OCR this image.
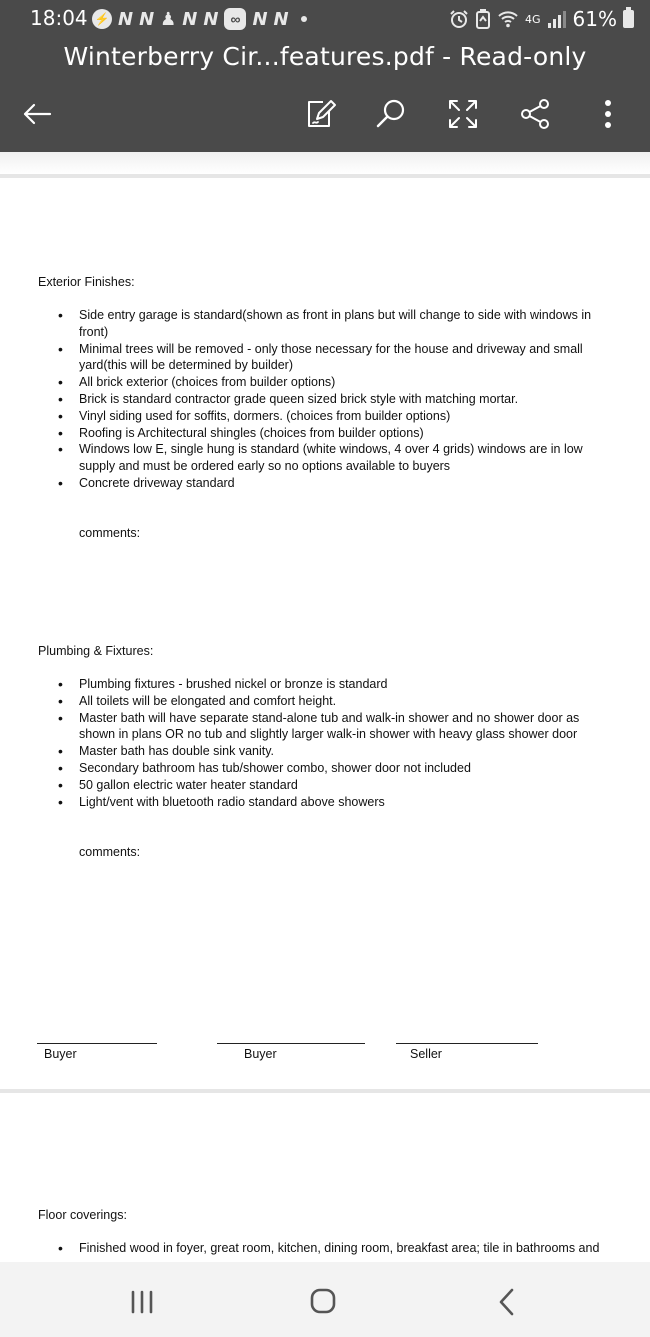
18:04 ⚡ N N ♟ N N ∞ N N	4G 61%
Winterberry Cir...features.pdf - Read-only
Exterior Finishes:
• Side entry garage is standard(shown as front in plans but will change to side with windows in front)
• Minimal trees will be removed - only those necessary for the house and driveway and small yard(this will be determined by builder)
• All brick exterior (choices from builder options)
• Brick is standard contractor grade queen sized brick style with matching mortar.
• Vinyl siding used for soffits, dormers. (choices from builder options)
• Roofing is Architectural shingles (choices from builder options)
• Windows low E, single hung is standard (white windows, 4 over 4 grids) windows are in low supply and must be ordered early so no options available to buyers
• Concrete driveway standard
comments:
Plumbing & Fixtures:
• Plumbing fixtures - brushed nickel or bronze is standard
• All toilets will be elongated and comfort height.
• Master bath will have separate stand-alone tub and walk-in shower and no shower door as shown in plans OR no tub and slightly larger walk-in shower with heavy glass shower door
• Master bath has double sink vanity.
• Secondary bathroom has tub/shower combo, shower door not included
• 50 gallon electric water heater standard
• Light/vent with bluetooth radio standard above showers
comments:
Buyer	Buyer	Seller
Floor coverings:
• Finished wood in foyer, great room, kitchen, dining room, breakfast area; tile in bathrooms and
